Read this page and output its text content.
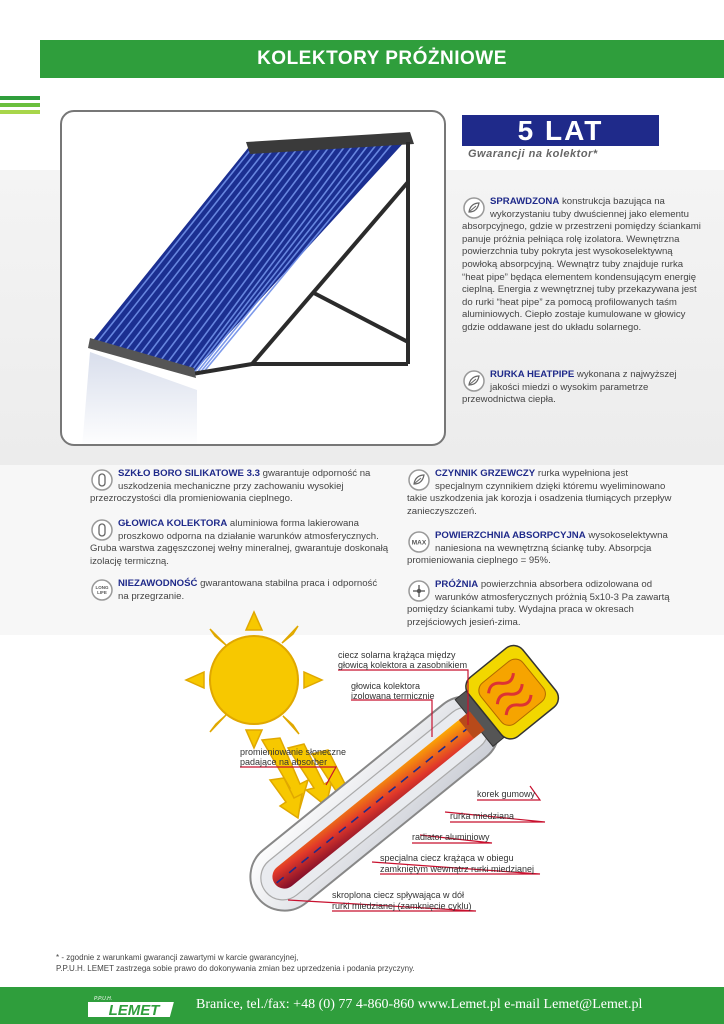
KOLEKTORY PRÓŻNIOWE
5 LAT
Gwarancji na kolektor*
SPRAWDZONA konstrukcja bazująca na wykorzystaniu tuby dwuściennej jako elementu absorpcyjnego, gdzie w przestrzeni pomiędzy ściankami panuje próżnia pełniąca rolę izolatora. Wewnętrzna powierzchnia tuby pokryta jest wysokoselektywną powłoką absorpcyjną. Wewnątrz tuby znajduje rurka “heat pipe” będąca elementem kondensującym energię cieplną. Energia z wewnętrznej tuby przekazywana jest do rurki “heat pipe” za pomocą profilowanych taśm aluminiowych. Ciepło zostaje kumulowane w głowicy gdzie oddawane jest do układu solarnego.
RURKA HEATPIPE wykonana z najwyższej jakości miedzi o wysokim parametrze przewodnictwa ciepła.
SZKŁO BORO SILIKATOWE 3.3 gwarantuje odporność na uszkodzenia mechaniczne przy zachowaniu wysokiej przezroczystości dla promieniowania cieplnego.
GŁOWICA KOLEKTORA aluminiowa forma lakierowana proszkowo odporna na działanie warunków atmosferycznych. Gruba warstwa zagęszczonej wełny mineralnej, gwarantuje doskonałą izolację termiczną.
LONG
LIFE
NIEZAWODNOŚĆ gwarantowana stabilna praca i odporność na przegrzanie.
CZYNNIK GRZEWCZY rurka wypełniona jest specjalnym czynnikiem dzięki któremu wyeliminowano takie uszkodzenia jak korozja i osadzenia tłumiących przepływ zanieczyszczeń.
MAX
POWIERZCHNIA ABSORPCYJNA wysokoselektywna naniesiona na wewnętrzną ściankę tuby. Absorpcja promieniowania cieplnego = 95%.
PRÓŻNIA powierzchnia absorbera odizolowana od warunków atmosferycznych próżnią 5x10-3 Pa zawartą pomiędzy ściankami tuby. Wydajna praca w okresach przejściowych jesień-zima.
ciecz solarna krążąca między
głowicą kolektora a zasobnikiem
głowica kolektora
izolowana termicznie
promieniowanie słoneczne
padające na absorber
korek gumowy
rurka miedziana
radiator aluminiowy
specjalna ciecz krążąca w obiegu
zamkniętym wewnątrz rurki miedzianej
skroplona ciecz spływająca w dół
rurki miedzianej (zamknięcie cyklu)
* - zgodnie z warunkami gwarancji zawartymi w karcie gwarancyjnej,
P.P.U.H. LEMET zastrzega sobie prawo do dokonywania zmian bez uprzedzenia i podania przyczyny.
P.P.U.H.
LEMET	Branice, tel./fax: +48 (0) 77 4-860-860 www.Lemet.pl e-mail Lemet@Lemet.pl
